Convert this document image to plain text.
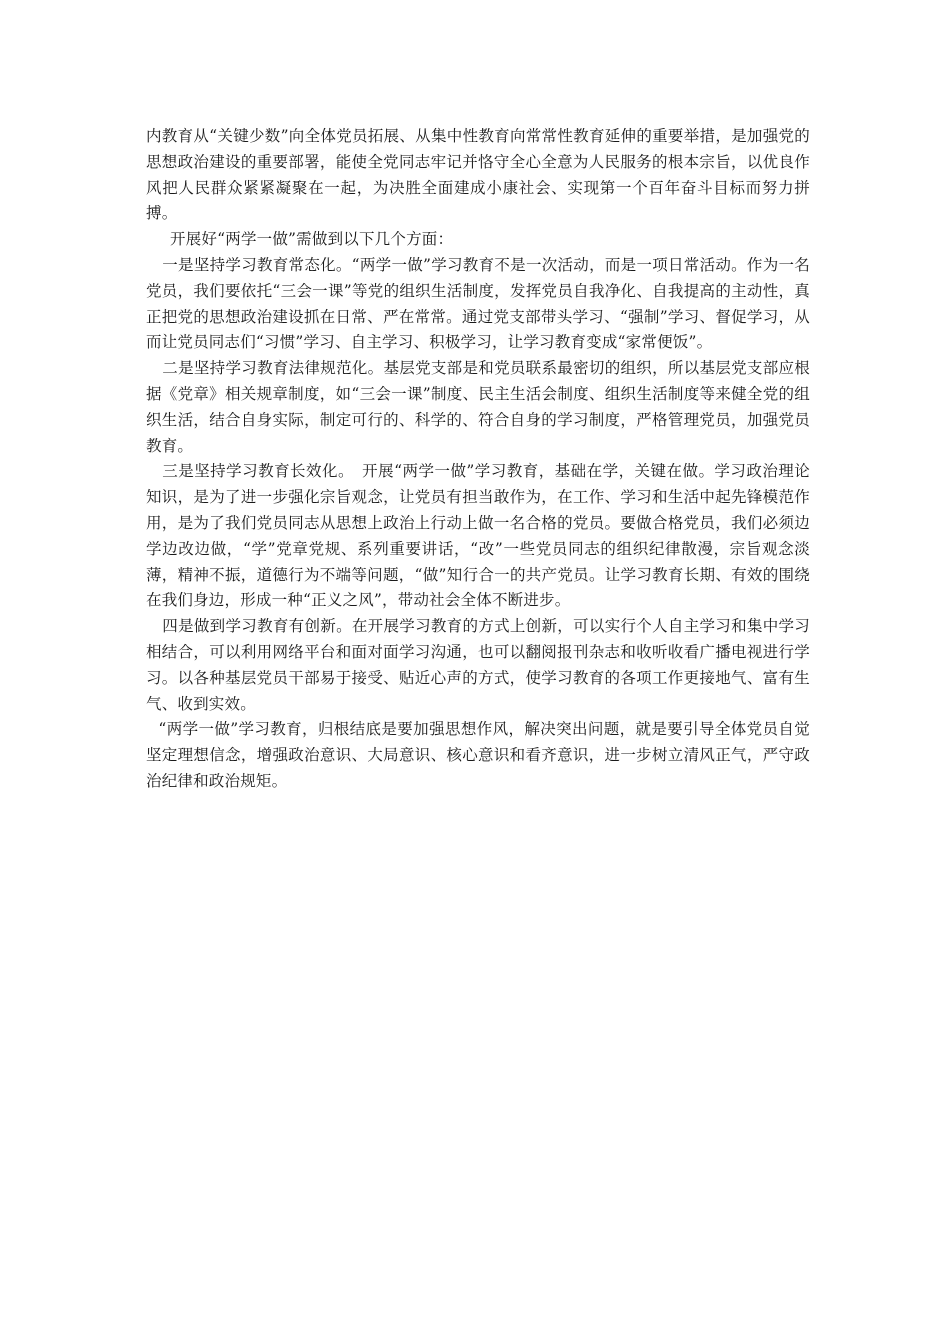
内教育从“关键少数”向全体党员拓展、从集中性教育向常常性教育延伸的重要举措，是加强党的思想政治建设的重要部署，能使全党同志牢记并恪守全心全意为人民服务的根本宗旨，以优良作风把人民群众紧紧凝聚在一起，为决胜全面建成小康社会、实现第一个百年奋斗目标而努力拼搏。

开展好“两学一做”需做到以下几个方面：

一是坚持学习教育常态化。“两学一做”学习教育不是一次活动，而是一项日常活动。作为一名党员，我们要依托“三会一课”等党的组织生活制度，发挥党员自我净化、自我提高的主动性，真正把党的思想政治建设抓在日常、严在常常。通过党支部带头学习、“强制”学习、督促学习，从而让党员同志们“习惯”学习、自主学习、积极学习，让学习教育变成“家常便饭”。

二是坚持学习教育法律规范化。基层党支部是和党员联系最密切的组织，所以基层党支部应根据《党章》相关规章制度，如“三会一课”制度、民主生活会制度、组织生活制度等来健全党的组织生活，结合自身实际，制定可行的、科学的、符合自身的学习制度，严格管理党员，加强党员教育。

三是坚持学习教育长效化。　开展“两学一做”学习教育，基础在学，关键在做。学习政治理论知识，是为了进一步强化宗旨观念，让党员有担当敢作为，在工作、学习和生活中起先锋模范作用，是为了我们党员同志从思想上政治上行动上做一名合格的党员。要做合格党员，我们必须边学边改边做，“学”党章党规、系列重要讲话，“改”一些党员同志的组织纪律散漫，宗旨观念淡薄，精神不振，道德行为不端等问题，“做”知行合一的共产党员。让学习教育长期、有效的围绕在我们身边，形成一种“正义之风”，带动社会全体不断进步。

四是做到学习教育有创新。在开展学习教育的方式上创新，可以实行个人自主学习和集中学习相结合，可以利用网络平台和面对面学习沟通，也可以翻阅报刊杂志和收听收看广播电视进行学习。以各种基层党员干部易于接受、贴近心声的方式，使学习教育的各项工作更接地气、富有生气、收到实效。

“两学一做”学习教育，归根结底是要加强思想作风，解决突出问题，就是要引导全体党员自觉坚定理想信念，增强政治意识、大局意识、核心意识和看齐意识，进一步树立清风正气，严守政治纪律和政治规矩。
